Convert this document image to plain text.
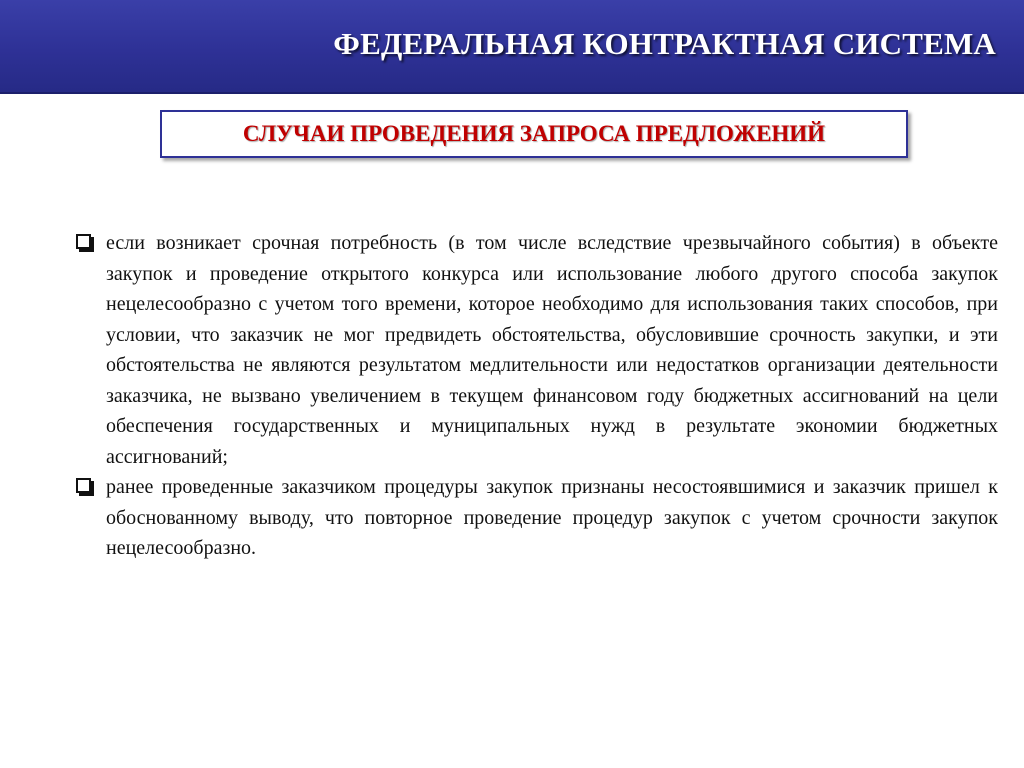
ФЕДЕРАЛЬНАЯ КОНТРАКТНАЯ СИСТЕМА
СЛУЧАИ ПРОВЕДЕНИЯ ЗАПРОСА ПРЕДЛОЖЕНИЙ
если возникает срочная потребность (в том числе вследствие чрезвычайного события) в объекте закупок и проведение открытого конкурса или использование любого другого способа закупок нецелесообразно с учетом того времени, которое необходимо для использования таких способов, при условии, что заказчик не мог предвидеть обстоятельства, обусловившие срочность закупки, и эти обстоятельства не являются результатом медлительности или недостатков организации деятельности заказчика, не вызвано увеличением в текущем финансовом году бюджетных ассигнований на цели обеспечения государственных и муниципальных нужд в результате экономии бюджетных ассигнований;
ранее проведенные заказчиком процедуры закупок признаны несостоявшимися и заказчик пришел к обоснованному выводу, что повторное проведение процедур закупок с учетом срочности закупок нецелесообразно.
